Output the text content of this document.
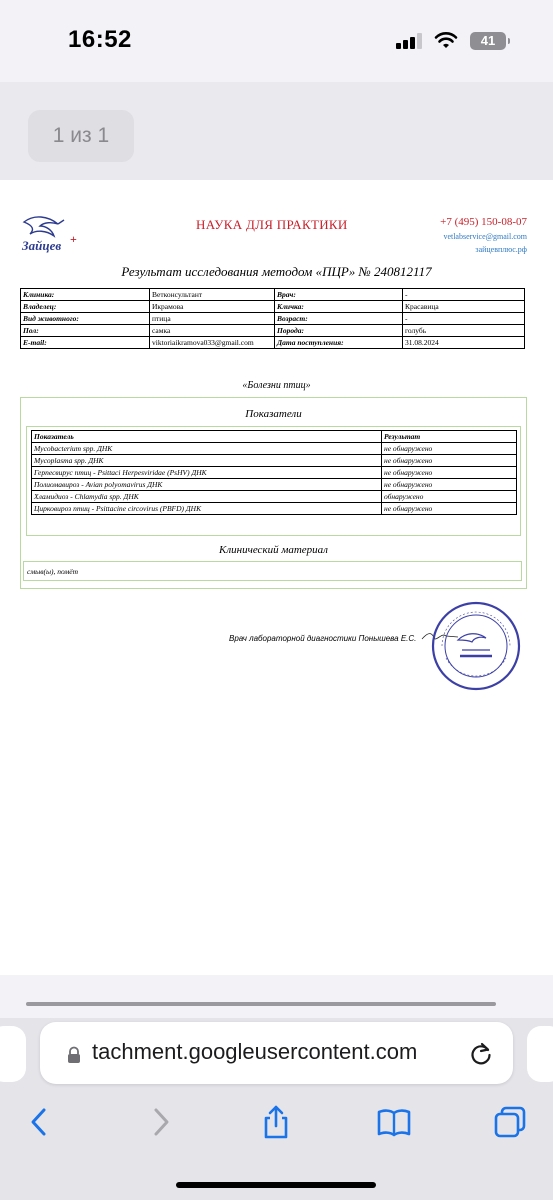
16:52	41
1 из 1
Зайцев +
НАУКА ДЛЯ ПРАКТИКИ	+7 (495) 150-08-07
vetlabservice@gmail.com
зайцевплюс.рф
Результат исследования методом «ПЦР» № 240812117
Клиника:	Ветконсультант	Врач:	-
Владелец:	Икрамова	Кличка:	Красавица
Вид животного:	птица	Возраст:	-
Пол:	самка	Порода:	голубь
E-mail:	viktoriaikramova033@gmail.com	Дата поступления:	31.08.2024
«Болезни птиц»
Показатели
Показатель	Результат
Mycobacterium spp. ДНК	не обнаружено
Mycoplasma spp. ДНК	не обнаружено
Герпесвирус птиц - Psittaci Herpesviridae (PsHV) ДНК	не обнаружено
Полиомавироз - Avian polyomavirus ДНК	не обнаружено
Хламидиоз - Chlamydia spp. ДНК	обнаружено
Цирковироз птиц - Psittacine circovirus (PBFD) ДНК	не обнаружено
Клинический материал
смыв(ы), помёт
Врач лабораторной диагностики Понышева Е.С.
tachment.googleusercontent.com
